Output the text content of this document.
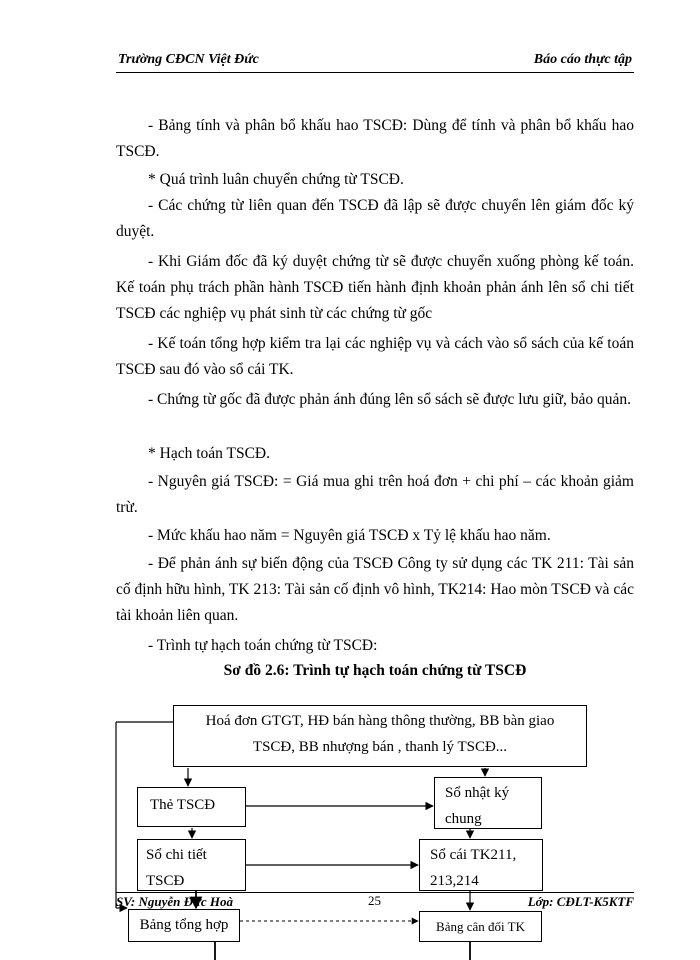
Trường CĐCN Việt Đức	Báo cáo thực tập

- Bảng tính và phân bổ khấu hao TSCĐ: Dùng để tính và phân bổ khấu hao TSCĐ.

* Quá trình luân chuyển chứng từ TSCĐ.

- Các chứng từ liên quan đến TSCĐ đã lập sẽ được chuyển lên giám đốc ký duyệt.

- Khi Giám đốc đã ký duyệt chứng từ sẽ được chuyển xuống phòng kế toán. Kế toán phụ trách phần hành TSCĐ tiến hành định khoản phản ánh lên sổ chi tiết TSCĐ các nghiệp vụ phát sinh từ các chứng từ gốc

- Kế toán tổng hợp kiểm tra lại các nghiệp vụ và cách vào sổ sách của kế toán TSCĐ sau đó vào sổ cái TK.

- Chứng từ gốc đã được phản ánh đúng lên sổ sách sẽ được lưu giữ, bảo quản.

* Hạch toán TSCĐ.

- Nguyên giá TSCĐ: = Giá mua ghi trên hoá đơn + chi phí – các khoản giảm trừ.

- Mức khấu hao năm = Nguyên giá TSCĐ x Tỷ lệ khấu hao năm.

- Để phản ánh sự biến động của TSCĐ Công ty sử dụng các TK 211: Tài sản cố định hữu hình, TK 213: Tài sản cố định vô hình, TK214: Hao mòn TSCĐ và các tài khoản liên quan.

- Trình tự hạch toán chứng từ TSCĐ:

Sơ đồ 2.6: Trình tự hạch toán chứng từ TSCĐ
Hoá đơn GTGT, HĐ bán hàng thông thường, BB bàn giao
TSCĐ, BB nhượng bán , thanh lý TSCĐ...
Thẻ TSCĐ
Sổ nhật ký
chung
Sổ chi tiết
TSCĐ
Sổ cái TK211,
213,214
SV: Nguyễn Đức Hoà	25	Lớp: CĐLT-K5KTF
Bảng tổng hợp	Bảng cân đối TK
